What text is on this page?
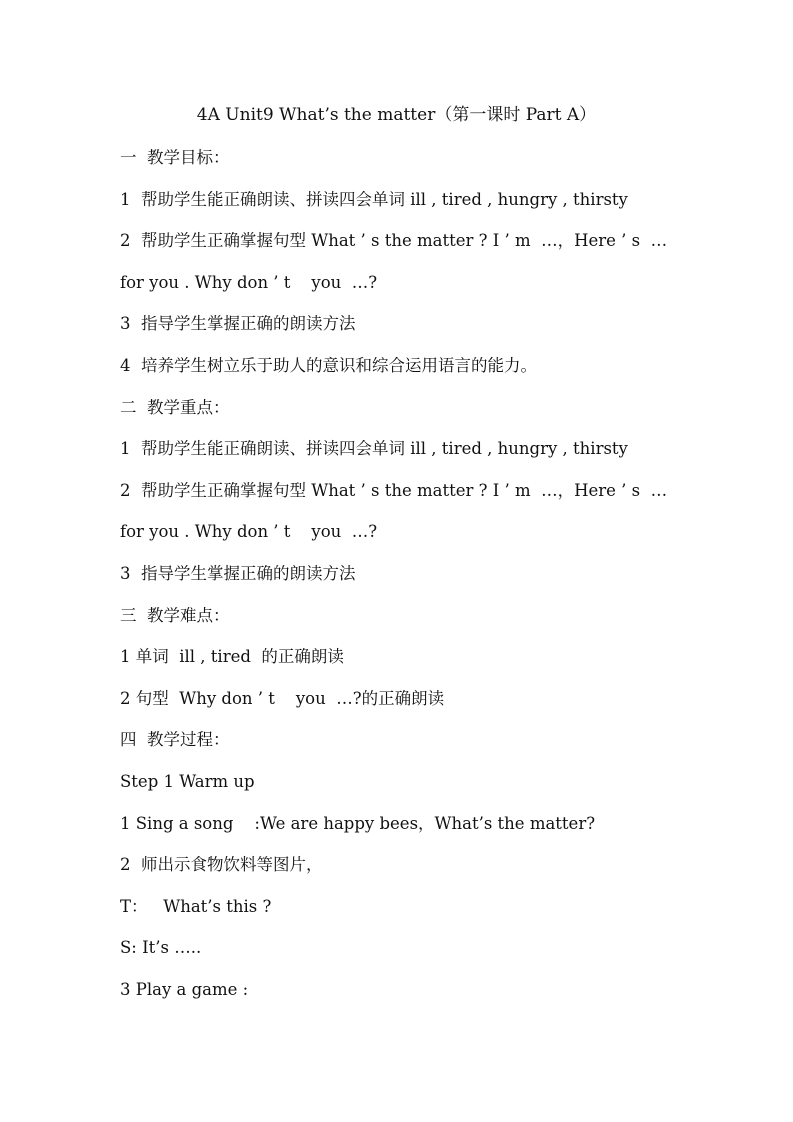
4A Unit9 What’s the matter（第一课时 Part A）
一  教学目标：
1  帮助学生能正确朗读、拼读四会单词 ill , tired , hungry , thirsty
2  帮助学生正确掌握句型 What ’ s the matter ? I ’ m  …，Here ’ s  …
for you . Why don ’ t    you  …?
3  指导学生掌握正确的朗读方法
4  培养学生树立乐于助人的意识和综合运用语言的能力。
二  教学重点：
1  帮助学生能正确朗读、拼读四会单词 ill , tired , hungry , thirsty
2  帮助学生正确掌握句型 What ’ s the matter ? I ’ m  …，Here ’ s  …
for you . Why don ’ t    you  …?
3  指导学生掌握正确的朗读方法
三  教学难点：
1 单词  ill , tired  的正确朗读
2 句型  Why don ’ t    you  …?的正确朗读
四  教学过程：
Step 1 Warm up
1 Sing a song    :We are happy bees，What’s the matter?
2  师出示食物饮料等图片，
T：   What’s this ?
S: It’s …..
3 Play a game :
